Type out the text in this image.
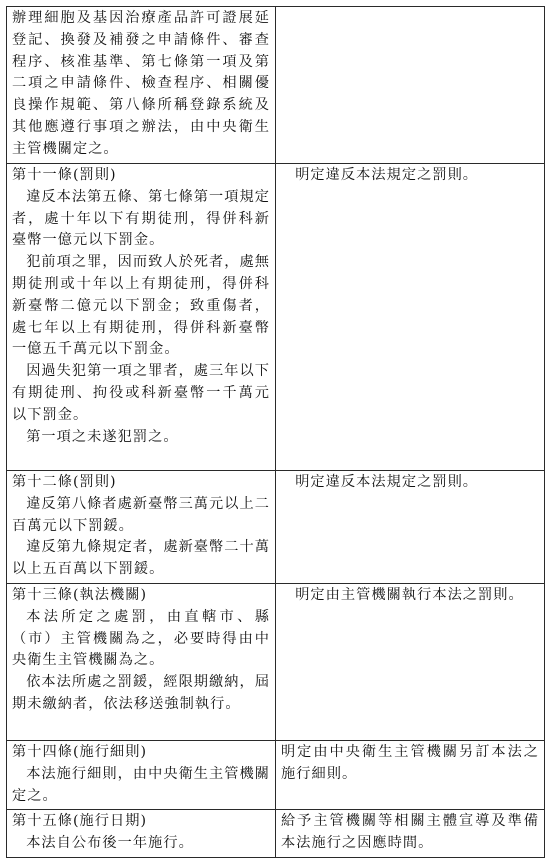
辦理細胞及基因治療產品許可證展延登記、換發及補發之申請條件、審查程序、核准基準、第七條第一項及第二項之申請條件、檢查程序、相關優良操作規範、第八條所稱登錄系統及其他應遵行事項之辦法，由中央衛生主管機關定之。	

第十一條(罰則)
違反本法第五條、第七條第一項規定者，處十年以下有期徒刑，得併科新臺幣一億元以下罰金。
犯前項之罪，因而致人於死者，處無期徒刑或十年以上有期徒刑，得併科新臺幣二億元以下罰金；致重傷者，處七年以上有期徒刑，得併科新臺幣一億五千萬元以下罰金。
因過失犯第一項之罪者，處三年以下有期徒刑、拘役或科新臺幣一千萬元以下罰金。
第一項之未遂犯罰之。	明定違反本法規定之罰則。

第十二條(罰則)
違反第八條者處新臺幣三萬元以上二百萬元以下罰鍰。
違反第九條規定者，處新臺幣二十萬以上五百萬以下罰鍰。	明定違反本法規定之罰則。

第十三條(執法機關)
本法所定之處罰，由直轄市、縣（市）主管機關為之，必要時得由中央衛生主管機關為之。
依本法所處之罰鍰，經限期繳納，屆期未繳納者，依法移送強制執行。	明定由主管機關執行本法之罰則。

第十四條(施行細則)
本法施行細則，由中央衛生主管機關定之。	明定由中央衛生主管機關另訂本法之施行細則。

第十五條(施行日期)
本法自公布後一年施行。	給予主管機關等相關主體宣導及準備本法施行之因應時間。
